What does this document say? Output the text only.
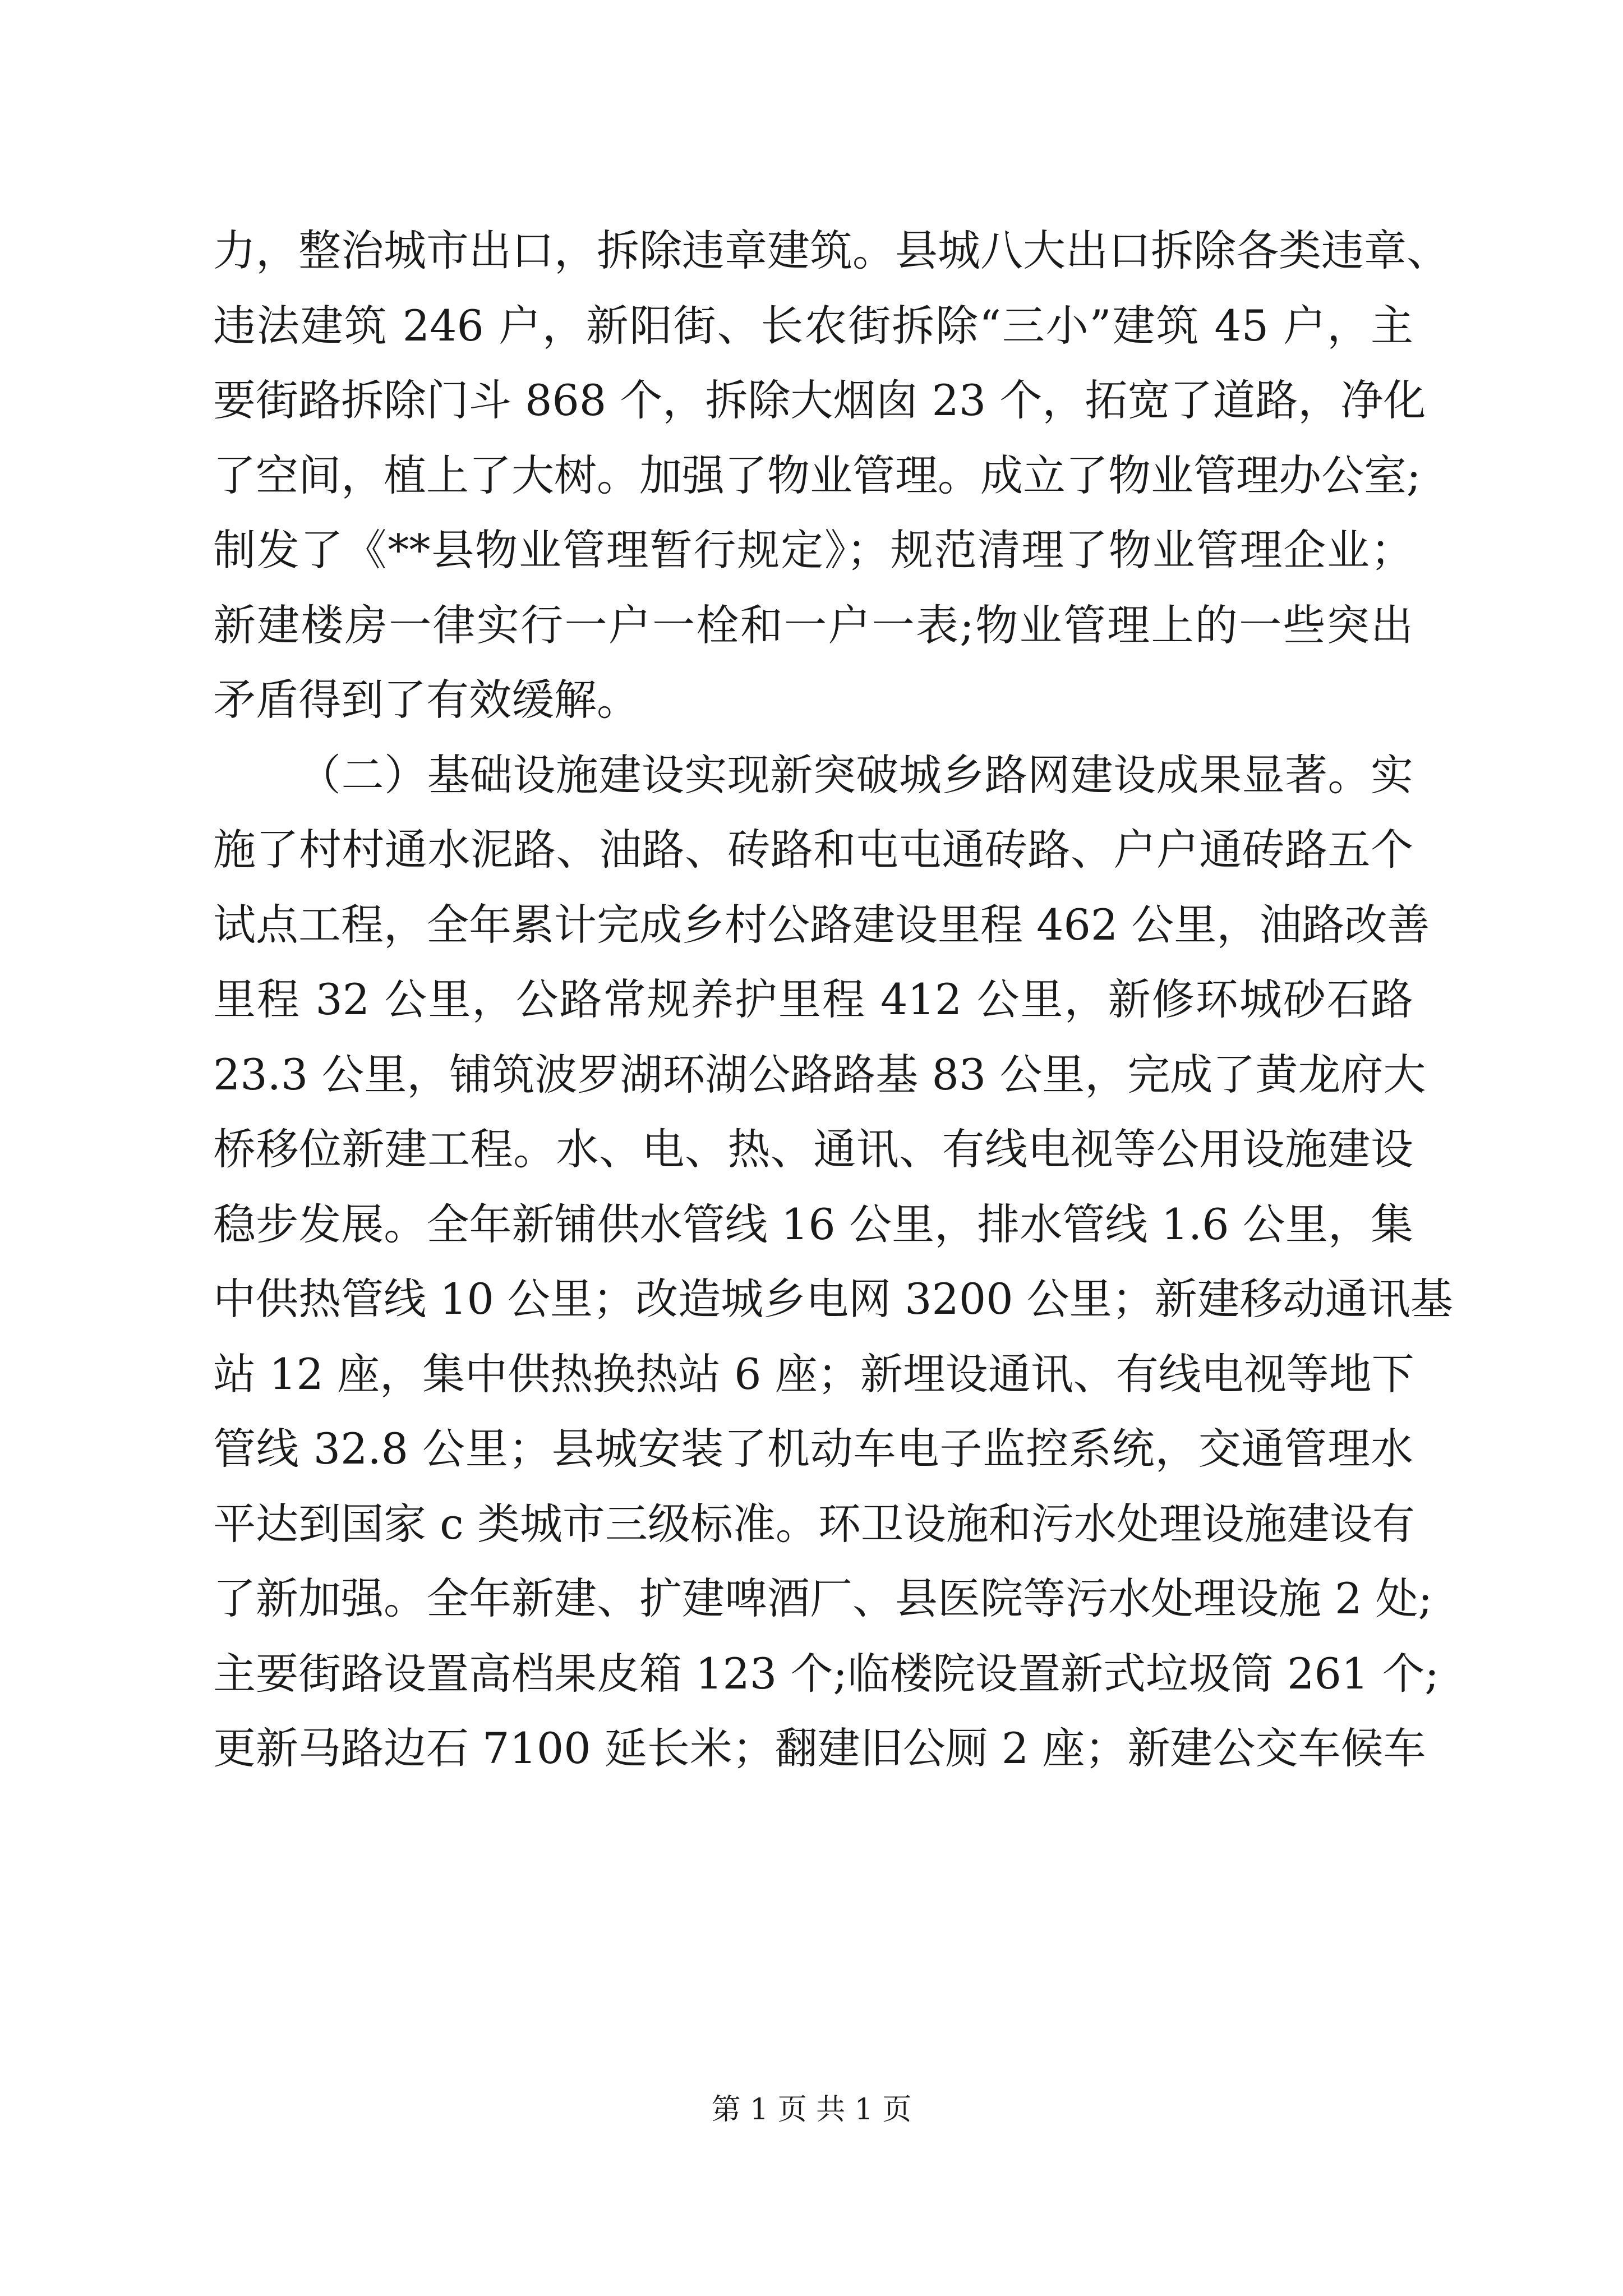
力，整治城市出口，拆除违章建筑。县城八大出口拆除各类违章、
违法建筑 246 户，新阳街、长农街拆除“三小”建筑 45 户，主
要街路拆除门斗 868 个，拆除大烟囱 23 个，拓宽了道路，净化
了空间，植上了大树。加强了物业管理。成立了物业管理办公室;
制发了《**县物业管理暂行规定》；规范清理了物业管理企业；
新建楼房一律实行一户一栓和一户一表;物业管理上的一些突出
矛盾得到了有效缓解。
（二）基础设施建设实现新突破城乡路网建设成果显著。实
施了村村通水泥路、油路、砖路和屯屯通砖路、户户通砖路五个
试点工程，全年累计完成乡村公路建设里程 462 公里，油路改善
里程 32 公里，公路常规养护里程 412 公里，新修环城砂石路
23.3 公里，铺筑波罗湖环湖公路路基 83 公里，完成了黄龙府大
桥移位新建工程。水、电、热、通讯、有线电视等公用设施建设
稳步发展。全年新铺供水管线 16 公里，排水管线 1.6 公里，集
中供热管线 10 公里；改造城乡电网 3200 公里；新建移动通讯基
站 12 座，集中供热换热站 6 座；新埋设通讯、有线电视等地下
管线 32.8 公里；县城安装了机动车电子监控系统，交通管理水
平达到国家 c 类城市三级标准。环卫设施和污水处理设施建设有
了新加强。全年新建、扩建啤酒厂、县医院等污水处理设施 2 处;
主要街路设置高档果皮箱 123 个;临楼院设置新式垃圾筒 261 个;
更新马路边石 7100 延长米；翻建旧公厕 2 座；新建公交车候车
第 1 页 共 1 页
